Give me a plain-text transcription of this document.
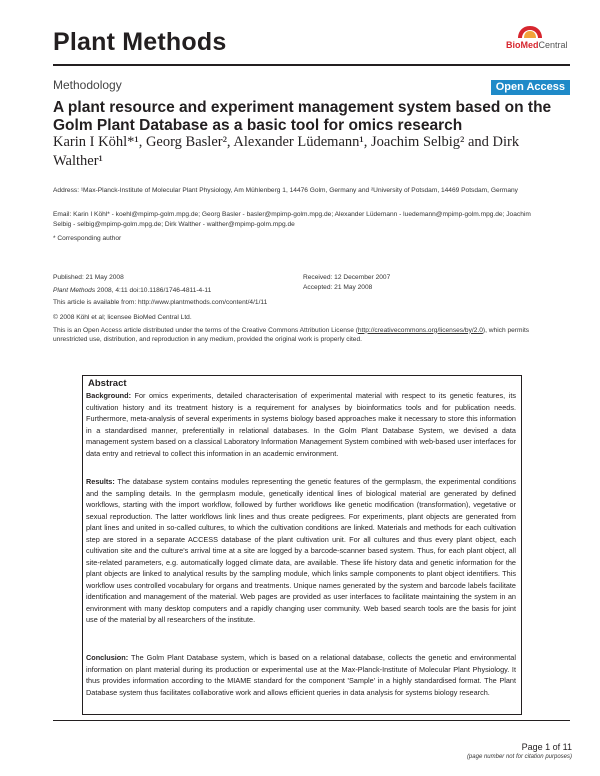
Plant Methods	BioMedCentral
Methodology	Open Access
A plant resource and experiment management system based on the Golm Plant Database as a basic tool for omics research
Karin I Köhl*¹, Georg Basler², Alexander Lüdemann¹, Joachim Selbig² and Dirk Walther¹
Address: ¹Max-Planck-Institute of Molecular Plant Physiology, Am Mühlenberg 1, 14476 Golm, Germany and ²University of Potsdam, 14469 Potsdam, Germany
Email: Karin I Köhl* - koehl@mpimp-golm.mpg.de; Georg Basler - basler@mpimp-golm.mpg.de; Alexander Lüdemann - luedemann@mpimp-golm.mpg.de; Joachim Selbig - selbig@mpimp-golm.mpg.de; Dirk Walther - walther@mpimp-golm.mpg.de
* Corresponding author
Published: 21 May 2008
Plant Methods 2008, 4:11 doi:10.1186/1746-4811-4-11
This article is available from: http://www.plantmethods.com/content/4/1/11
Received: 12 December 2007
Accepted: 21 May 2008
© 2008 Köhl et al; licensee BioMed Central Ltd.
This is an Open Access article distributed under the terms of the Creative Commons Attribution License (http://creativecommons.org/licenses/by/2.0), which permits unrestricted use, distribution, and reproduction in any medium, provided the original work is properly cited.
Abstract
Background: For omics experiments, detailed characterisation of experimental material with respect to its genetic features, its cultivation history and its treatment history is a requirement for analyses by bioinformatics tools and for publication needs. Furthermore, meta-analysis of several experiments in systems biology based approaches make it necessary to store this information in a standardised manner, preferentially in relational databases. In the Golm Plant Database System, we devised a data management system based on a classical Laboratory Information Management System combined with web-based user interfaces for data entry and retrieval to collect this information in an academic environment.
Results: The database system contains modules representing the genetic features of the germplasm, the experimental conditions and the sampling details. In the germplasm module, genetically identical lines of biological material are generated by defined workflows, starting with the import workflow, followed by further workflows like genetic modification (transformation), vegetative or sexual reproduction. The latter workflows link lines and thus create pedigrees. For experiments, plant objects are generated from plant lines and united in so-called cultures, to which the cultivation conditions are linked. Materials and methods for each cultivation step are stored in a separate ACCESS database of the plant cultivation unit. For all cultures and thus every plant object, each cultivation site and the culture's arrival time at a site are logged by a barcode-scanner based system. Thus, for each plant object, all site-related parameters, e.g. automatically logged climate data, are available. These life history data and genetic information for the plant objects are linked to analytical results by the sampling module, which links sample components to plant object identifiers. This workflow uses controlled vocabulary for organs and treatments. Unique names generated by the system and barcode labels facilitate identification and management of the material. Web pages are provided as user interfaces to facilitate maintaining the system in an environment with many desktop computers and a rapidly changing user community. Web based search tools are the basis for joint use of the material by all researchers of the institute.
Conclusion: The Golm Plant Database system, which is based on a relational database, collects the genetic and environmental information on plant material during its production or experimental use at the Max-Planck-Institute of Molecular Plant Physiology. It thus provides information according to the MIAME standard for the component 'Sample' in a highly standardised format. The Plant Database system thus facilitates collaborative work and allows efficient queries in data analysis for systems biology research.
Page 1 of 11
(page number not for citation purposes)
